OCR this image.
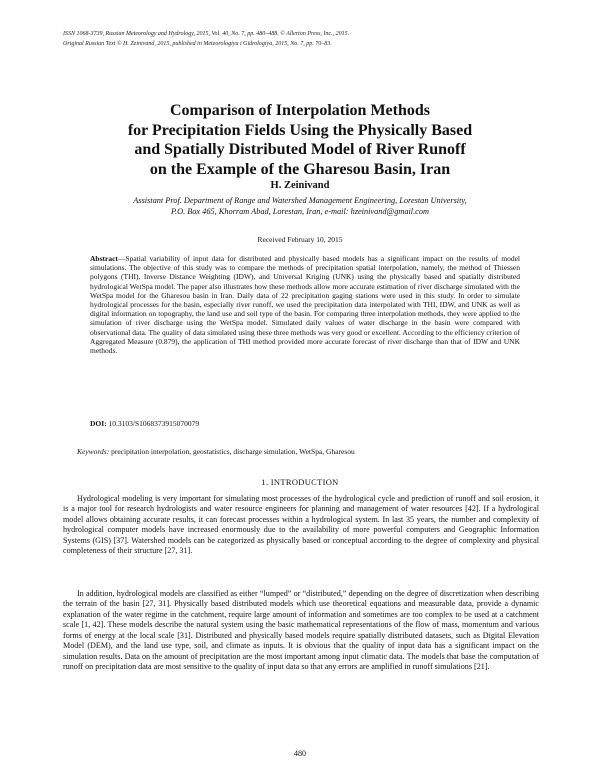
ISSN 1068-3739, Russian Meteorology and Hydrology, 2015, Vol. 40, No. 7, pp. 480–488. © Allerton Press, Inc., 2015.
Original Russian Text © H. Zeinivand, 2015, published in Meteorologiya i Gidrologiya, 2015, No. 7, pp. 70–83.
Comparison of Interpolation Methods
for Precipitation Fields Using the Physically Based
and Spatially Distributed Model of River Runoff
on the Example of the Gharesou Basin, Iran
H. Zeinivand
Assistant Prof. Department of Range and Watershed Management Engineering, Lorestan University,
P.O. Box 465, Khorram Abad, Lorestan, Iran, e-mail: hzeinivand@gmail.com
Received February 10, 2015

Abstract—Spatial variability of input data for distributed and physically based models has a significant impact on the results of model simulations. The objective of this study was to compare the methods of precipitation spatial interpolation, namely, the method of Thiessen polygons (THI), Inverse Distance Weighting (IDW), and Universal Kriging (UNK) using the physically based and spatially distributed hydrological WetSpa model. The paper also illustrates how these methods allow more accurate estimation of river discharge simulated with the WetSpa model for the Gharesou basin in Iran. Daily data of 22 precipitation gaging stations were used in this study. In order to simulate hydrological processes for the basin, especially river runoff, we used the precipitation data interpolated with THI, IDW, and UNK as well as digital information on topography, the land use and soil type of the basin. For comparing three interpolation methods, they were applied to the simulation of river discharge using the WetSpa model. Simulated daily values of water discharge in the basin were compared with observational data. The quality of data simulated using these three methods was very good or excellent. According to the efficiency criterion of Aggregated Measure (0.879), the application of THI method provided more accurate forecast of river discharge than that of IDW and UNK methods.

DOI: 10.3103/S1068373915070079
Keywords: precipitation interpolation, geostatistics, discharge simulation, WetSpa, Gharesou
1. INTRODUCTION

Hydrological modeling is very important for simulating most processes of the hydrological cycle and prediction of runoff and soil erosion, it is a major tool for research hydrologists and water resource engineers for planning and management of water resources [42]. If a hydrological model allows obtaining accurate results, it can forecast processes within a hydrological system. In last 35 years, the number and complexity of hydrological computer models have increased enormously due to the availability of more powerful computers and Geographic Information Systems (GIS) [37]. Watershed models can be categorized as physically based or conceptual according to the degree of complexity and physical completeness of their structure [27, 31].

In addition, hydrological models are classified as either “lumped” or “distributed,” depending on the degree of discretization when describing the terrain of the basin [27, 31]. Physically based distributed models which use theoretical equations and measurable data, provide a dynamic explanation of the water regime in the catchment, require large amount of information and sometimes are too complex to be used at a catchment scale [1, 42]. These models describe the natural system using the basic mathematical representations of the flow of mass, momentum and various forms of energy at the local scale [31]. Distributed and physically based models require spatially distributed datasets, such as Digital Elevation Model (DEM), and the land use type, soil, and climate as inputs. It is obvious that the quality of input data has a significant impact on the simulation results. Data on the amount of precipitation are the most important among input climatic data. The models that base the computation of runoff on precipitation data are most sensitive to the quality of input data so that any errors are amplified in runoff simulations [21].

480
